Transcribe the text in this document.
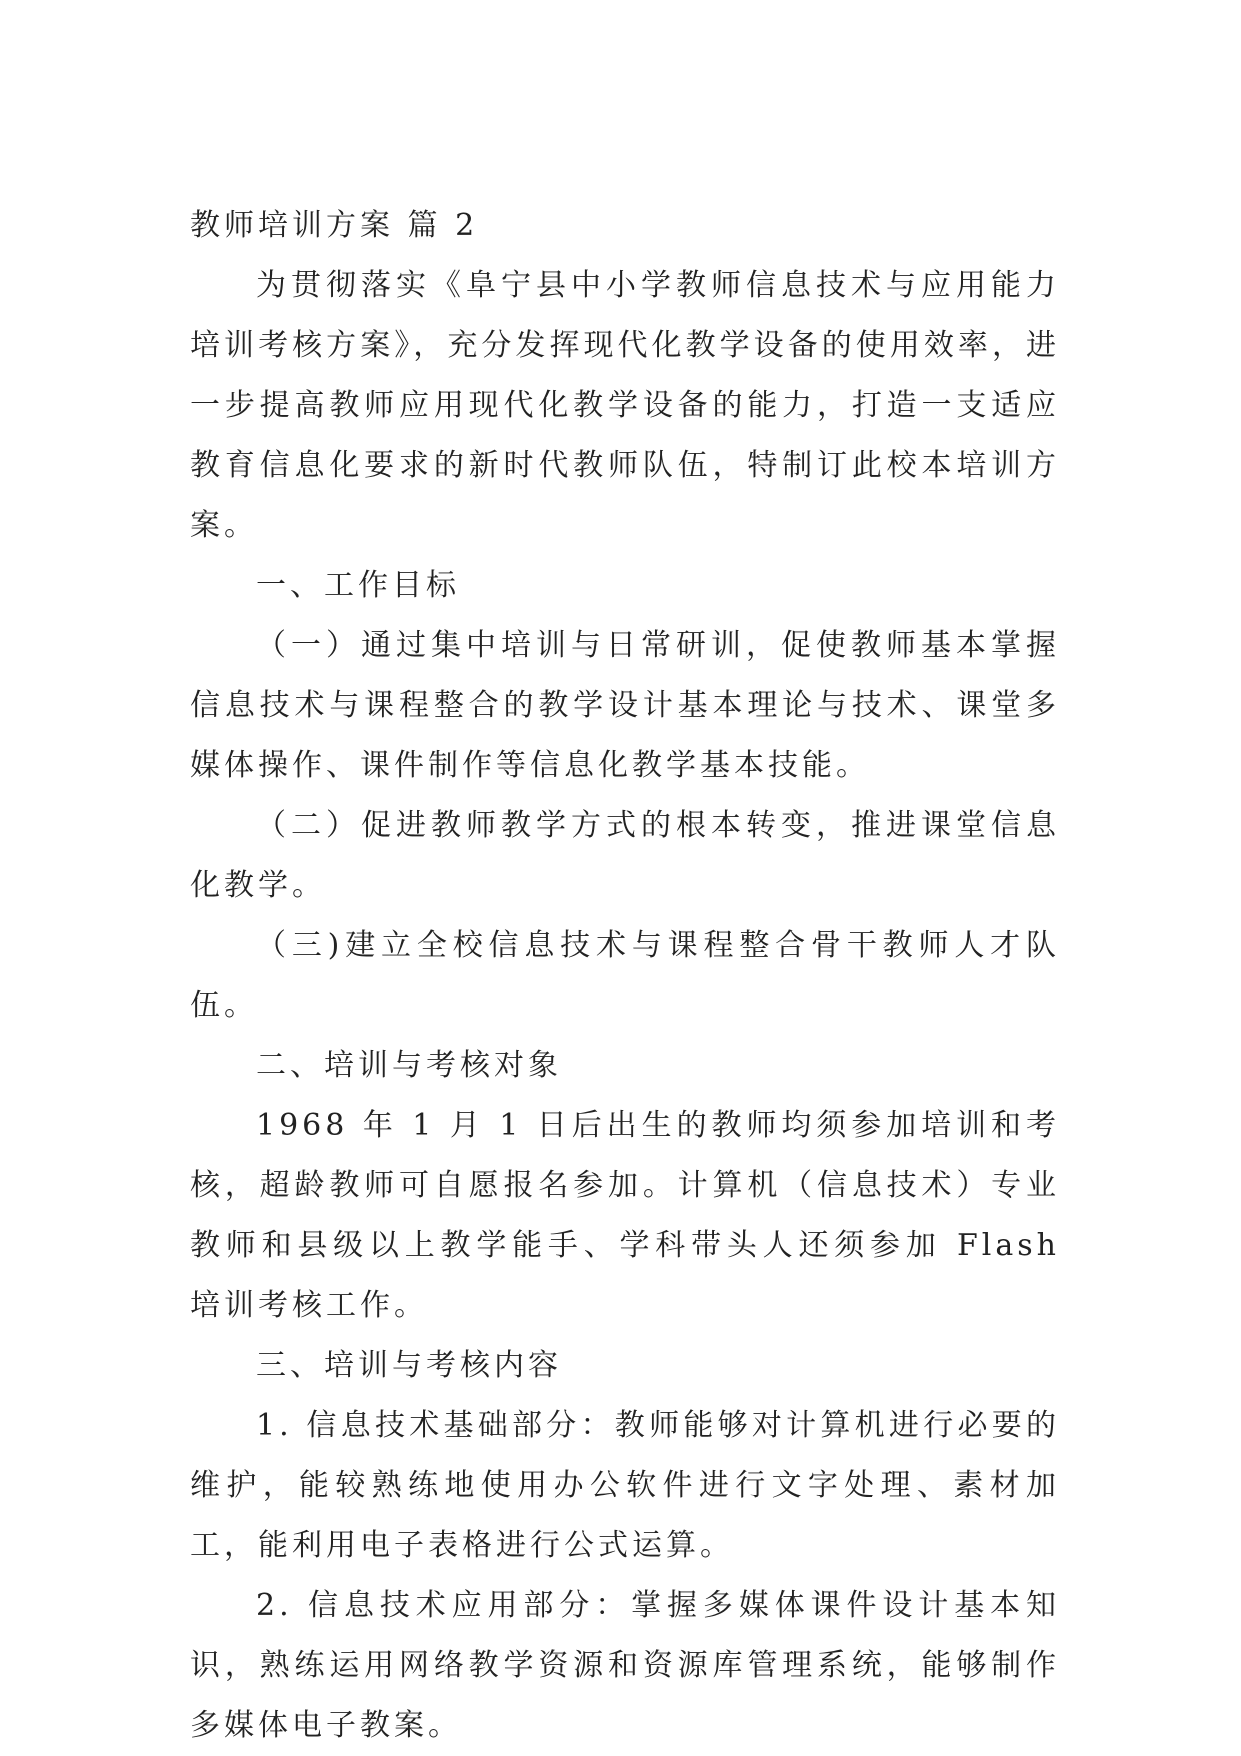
教师培训方案 篇 2

为贯彻落实《阜宁县中小学教师信息技术与应用能力培训考核方案》，充分发挥现代化教学设备的使用效率，进一步提高教师应用现代化教学设备的能力，打造一支适应教育信息化要求的新时代教师队伍，特制订此校本培训方案。

一、工作目标

（一）通过集中培训与日常研训，促使教师基本掌握信息技术与课程整合的教学设计基本理论与技术、课堂多媒体操作、课件制作等信息化教学基本技能。

（二）促进教师教学方式的根本转变，推进课堂信息化教学。

（三)建立全校信息技术与课程整合骨干教师人才队伍。

二、培训与考核对象

1968 年 1 月 1 日后出生的教师均须参加培训和考核，超龄教师可自愿报名参加。计算机（信息技术）专业教师和县级以上教学能手、学科带头人还须参加 Flash 培训考核工作。

三、培训与考核内容

1. 信息技术基础部分：教师能够对计算机进行必要的维护，能较熟练地使用办公软件进行文字处理、素材加工，能利用电子表格进行公式运算。

2. 信息技术应用部分：掌握多媒体课件设计基本知识，熟练运用网络教学资源和资源库管理系统，能够制作多媒体电子教案。
